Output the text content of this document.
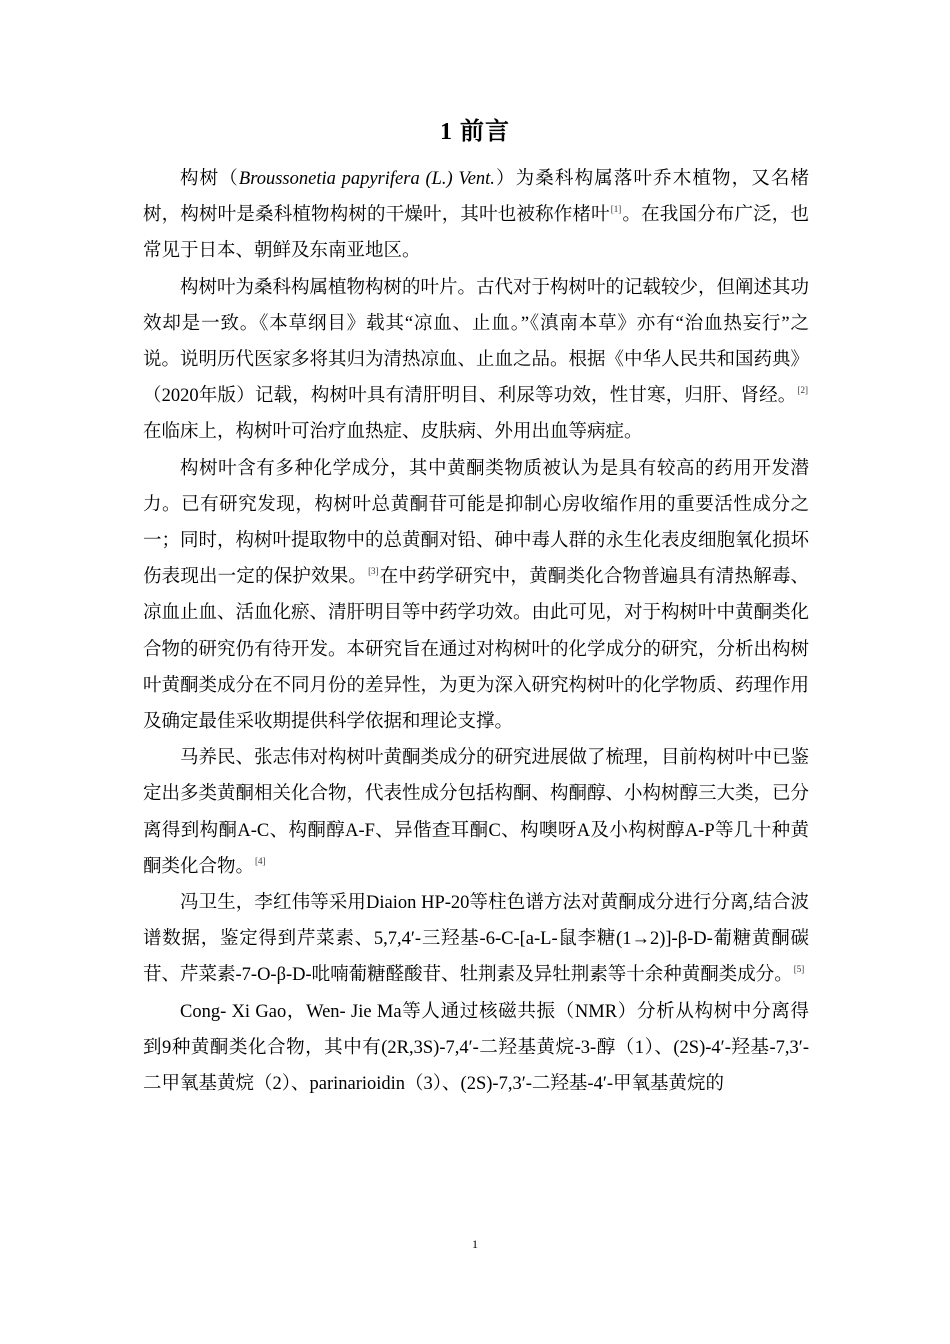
1 前言

构树（Broussonetia papyrifera (L.) Vent.）为桑科构属落叶乔木植物，又名楮树，构树叶是桑科植物构树的干燥叶，其叶也被称作楮叶[1]。在我国分布广泛，也常见于日本、朝鲜及东南亚地区。

构树叶为桑科构属植物构树的叶片。古代对于构树叶的记载较少，但阐述其功效却是一致。《本草纲目》载其“凉血、止血。”《滇南本草》亦有“治血热妄行”之说。说明历代医家多将其归为清热凉血、止血之品。根据《中华人民共和国药典》（2020年版）记载，构树叶具有清肝明目、利尿等功效，性甘寒，归肝、肾经。[2]在临床上，构树叶可治疗血热症、皮肤病、外用出血等病症。

构树叶含有多种化学成分，其中黄酮类物质被认为是具有较高的药用开发潜力。已有研究发现，构树叶总黄酮苷可能是抑制心房收缩作用的重要活性成分之一；同时，构树叶提取物中的总黄酮对铅、砷中毒人群的永生化表皮细胞氧化损坏伤表现出一定的保护效果。[3]在中药学研究中，黄酮类化合物普遍具有清热解毒、凉血止血、活血化瘀、清肝明目等中药学功效。由此可见，对于构树叶中黄酮类化合物的研究仍有待开发。本研究旨在通过对构树叶的化学成分的研究，分析出构树叶黄酮类成分在不同月份的差异性，为更为深入研究构树叶的化学物质、药理作用及确定最佳采收期提供科学依据和理论支撑。

马养民、张志伟对构树叶黄酮类成分的研究进展做了梳理，目前构树叶中已鉴定出多类黄酮相关化合物，代表性成分包括构酮、构酮醇、小构树醇三大类，已分离得到构酮A-C、构酮醇A-F、异偕查耳酮C、构噢呀A及小构树醇A-P等几十种黄酮类化合物。[4]

冯卫生，李红伟等采用Diaion HP-20等柱色谱方法对黄酮成分进行分离,结合波谱数据，鉴定得到芹菜素、5,7,4′-三羟基-6-C-[a-L-鼠李糖(1→2)]-β-D-葡糖黄酮碳苷、芹菜素-7-O-β-D-吡喃葡糖醛酸苷、牡荆素及异牡荆素等十余种黄酮类成分。[5]

Cong- Xi Gao，Wen- Jie Ma等人通过核磁共振（NMR）分析从构树中分离得到9种黄酮类化合物，其中有(2R,3S)-7,4′-二羟基黄烷-3-醇（1）、(2S)-4′-羟基-7,3′-二甲氧基黄烷（2）、parinarioidin（3）、(2S)-7,3′-二羟基-4′-甲氧基黄烷的

1
